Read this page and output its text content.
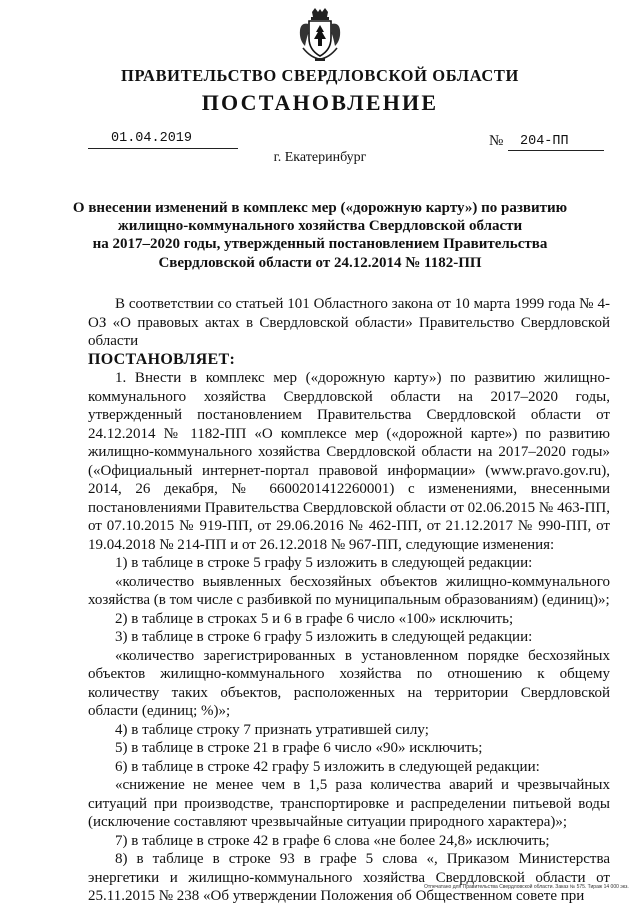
ПРАВИТЕЛЬСТВО СВЕРДЛОВСКОЙ ОБЛАСТИ
ПОСТАНОВЛЕНИЕ
01.04.2019	№	204-ПП
г. Екатеринбург
О внесении изменений в комплекс мер («дорожную карту») по развитию
жилищно-коммунального хозяйства Свердловской области
на 2017–2020 годы, утвержденный постановлением Правительства
Свердловской области от 24.12.2014 № 1182-ПП

В соответствии со статьей 101 Областного закона от 10 марта 1999 года № 4-ОЗ «О правовых актах в Свердловской области» Правительство Свердловской области

ПОСТАНОВЛЯЕТ:

1. Внести в комплекс мер («дорожную карту») по развитию жилищно-коммунального хозяйства Свердловской области на 2017–2020 годы, утвержденный постановлением Правительства Свердловской области от 24.12.2014 № 1182-ПП «О комплексе мер («дорожной карте») по развитию жилищно-коммунального хозяйства Свердловской области на 2017–2020 годы» («Официальный интернет-портал правовой информации» (www.pravo.gov.ru), 2014, 26 декабря, № 6600201412260001) с изменениями, внесенными постановлениями Правительства Свердловской области от 02.06.2015 № 463-ПП, от 07.10.2015 № 919-ПП, от 29.06.2016 № 462-ПП, от 21.12.2017 № 990-ПП, от 19.04.2018 № 214-ПП и от 26.12.2018 № 967-ПП, следующие изменения:

1) в таблице в строке 5 графу 5 изложить в следующей редакции:

«количество выявленных бесхозяйных объектов жилищно-коммунального хозяйства (в том числе с разбивкой по муниципальным образованиям) (единиц)»;

2) в таблице в строках 5 и 6 в графе 6 число «100» исключить;

3) в таблице в строке 6 графу 5 изложить в следующей редакции:

«количество зарегистрированных в установленном порядке бесхозяйных объектов жилищно-коммунального хозяйства по отношению к общему количеству таких объектов, расположенных на территории Свердловской области (единиц; %)»;

4) в таблице строку 7 признать утратившей силу;

5) в таблице в строке 21 в графе 6 число «90» исключить;

6) в таблице в строке 42 графу 5 изложить в следующей редакции:

«снижение не менее чем в 1,5 раза количества аварий и чрезвычайных ситуаций при производстве, транспортировке и распределении питьевой воды (исключение составляют чрезвычайные ситуации природного характера)»;

7) в таблице в строке 42 в графе 6 слова «не более 24,8» исключить;

8) в таблице в строке 93 в графе 5 слова «, Приказом Министерства энергетики и жилищно-коммунального хозяйства Свердловской области от 25.11.2015 № 238 «Об утверждении Положения об Общественном совете при

Отпечатано для Правительства Свердловской области. Заказ № 575. Тираж 14 000 экз.
